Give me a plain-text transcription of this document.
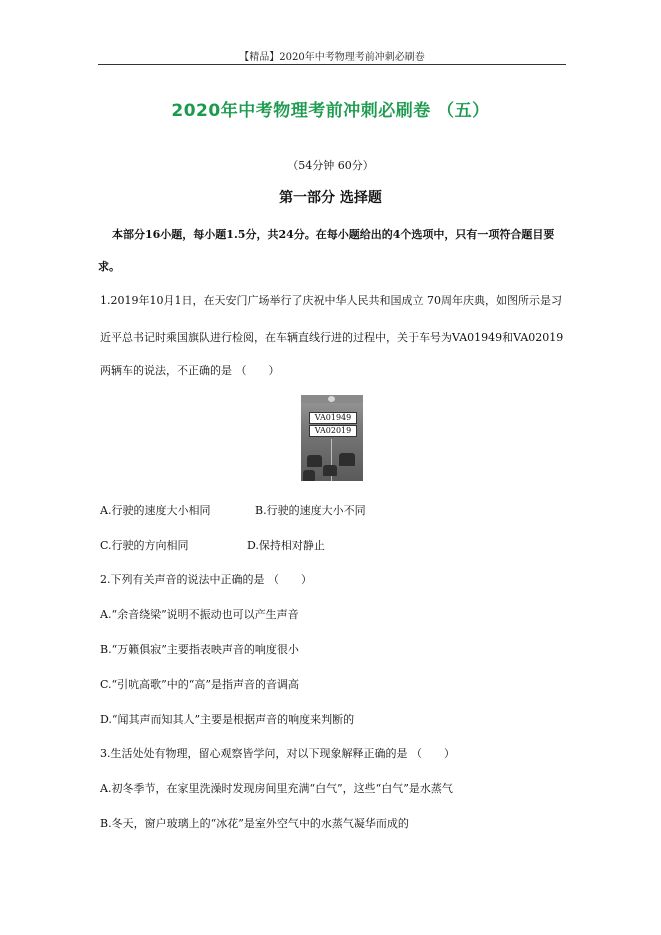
【精品】2020年中考物理考前冲刺必刷卷
2020年中考物理考前冲刺必刷卷 （五）
（54分钟 60分）
第一部分 选择题
本部分16小题，每小题1.5分，共24分。在每小题给出的4个选项中，只有一项符合题目要
求。
1.2019年10月1日，在天安门广场举行了庆祝中华人民共和国成立 70周年庆典，如图所示是习
近平总书记时乘国旗队进行检阅，在车辆直线行进的过程中，关于车号为VA01949和VA02019
两辆车的说法，不正确的是 （　　）
VA01949
VA02019
A.行驶的速度大小相同	B.行驶的速度大小不同
C.行驶的方向相同	D.保持相对静止
2.下列有关声音的说法中正确的是 （　　）
A.“余音绕梁”说明不振动也可以产生声音
B.“万籁俱寂”主要指表映声音的响度很小
C.“引吭高歌”中的“高”是指声音的音调高
D.“闻其声而知其人”主要是根据声音的响度来判断的
3.生活处处有物理，留心观察皆学问，对以下现象解释正确的是 （　　）
A.初冬季节，在家里洗澡时发现房间里充满“白气”，这些“白气”是水蒸气
B.冬天，窗户玻璃上的“冰花”是室外空气中的水蒸气凝华而成的
